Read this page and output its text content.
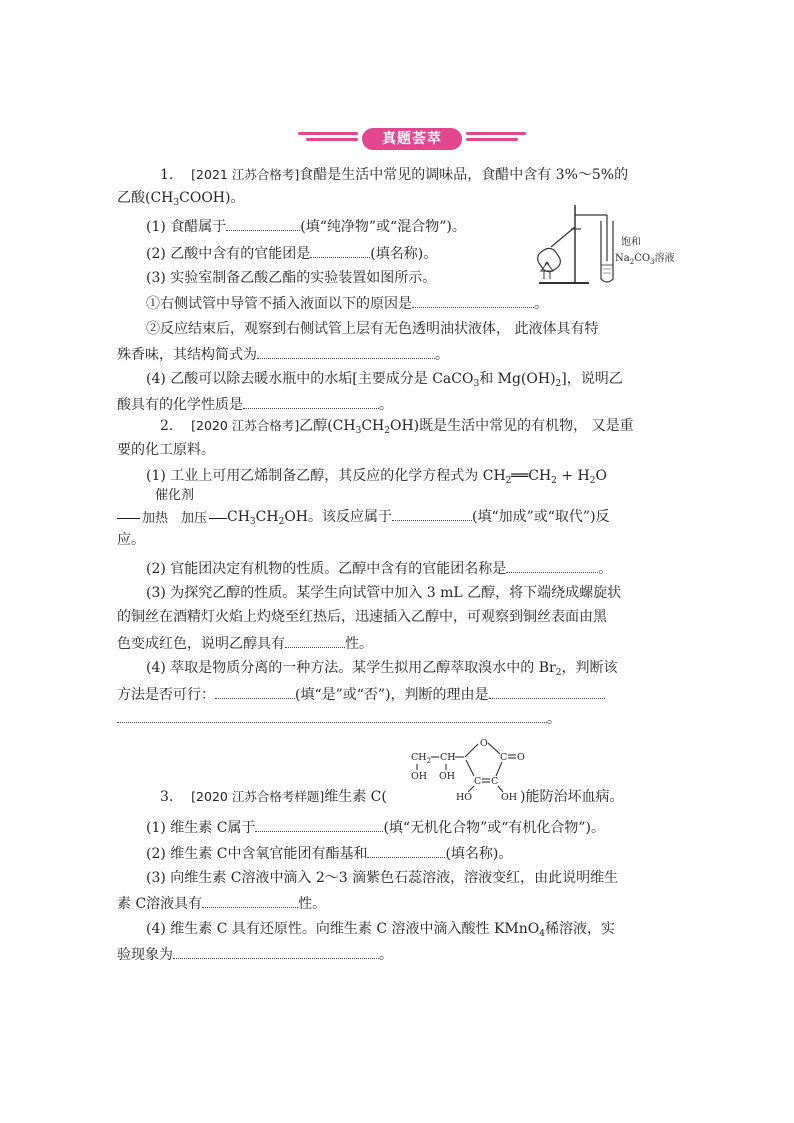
真题荟萃
1. [2021 江苏合格考]食醋是生活中常见的调味品，食醋中含有 3%～5%的
乙酸$(CH_3COOH)$。
(1) 食醋属于	(填“纯净物”或“混合物”)。
(2) 乙酸中含有的官能团是	(填名称)。
(3) 实验室制备乙酸乙酯的实验装置如图所示。
①右侧试管中导管不插入液面以下的原因是	。
②反应结束后，观察到右侧试管上层有无色透明油状液体， 此液体具有特
殊香味，其结构简式为	。
(4) 乙酸可以除去暖水瓶中的水垢[主要成分是 CaCO$_3$和 $Mg(OH)_2$]，说明乙
酸具有的化学性质是	。
饱和
$Na_2CO_3$溶液
2. [2020 江苏合格考]乙醇$(CH_3CH_2OH)$既是生活中常见的有机物， 又是重
要的化工原料。
(1) 工业上可用乙烯制备乙醇，其反应的化学方程式为 $CH_2══CH_2 + H_2O$
催化剂
$CH_3CH_2OH$。该反应属于	(填“加成”或“取代”)反
加热　加压
应。
(2) 官能团决定有机物的性质。乙醇中含有的官能团名称是	。
(3) 为探究乙醇的性质。某学生向试管中加入 3 mL 乙醇，将下端绕成螺旋状
的铜丝在酒精灯火焰上灼烧至红热后，迅速插入乙醇中，可观察到铜丝表面由黑
色变成红色，说明乙醇具有	性。
(4) 萃取是物质分离的一种方法。某学生拟用乙醇萃取溴水中的 $Br_2$，判断该
方法是否可行：	(填“是”或“否”)，判断的理由是
。
$CH_2$ CH
O
C O
C C
OH OH
HO	OH
3. [2020 江苏合格考样题]维生素 C(	)能防治坏血病。
(1) 维生素 C属于	(填“无机化合物”或“有机化合物”)。
(2) 维生素 C中含氧官能团有酯基和	(填名称)。
(3) 向维生素 C溶液中滴入 2～3 滴紫色石蕊溶液，溶液变红，由此说明维生
素 C溶液具有	性。
(4) 维生素 C 具有还原性。向维生素 C 溶液中滴入酸性 KMnO$_4$稀溶液，实
验现象为	。
